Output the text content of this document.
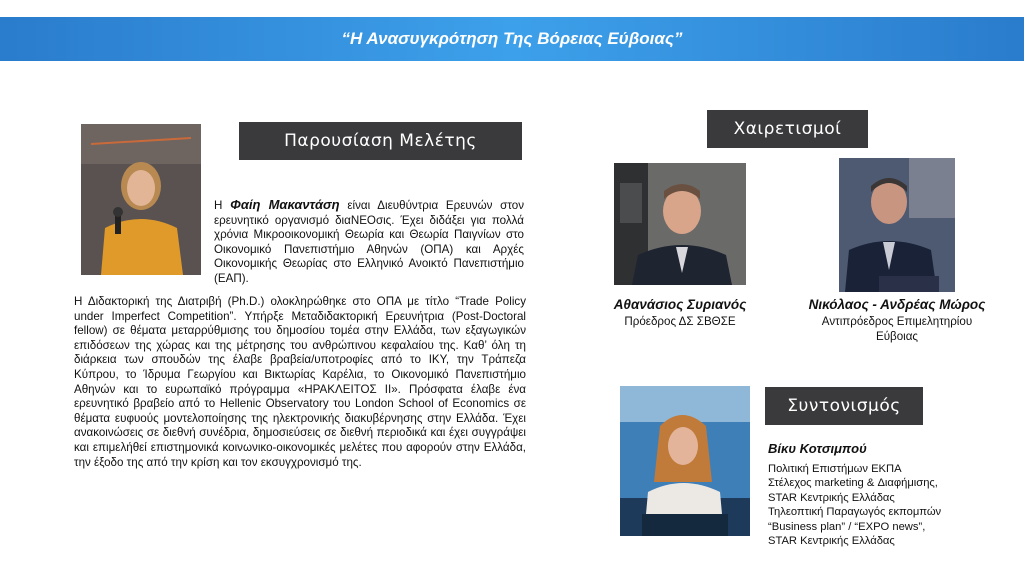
“Η Ανασυγκρότηση Της Βόρειας Εύβοιας”
Παρουσίαση Μελέτης

Η Φαίη Μακαντάση είναι Διευθύντρια Ερευνών στον ερευνητικό οργανισμό διαΝΕΟσις. Έχει διδάξει για πολλά χρόνια Μικροοικονομική Θεωρία και Θεωρία Παιγνίων στο Οικονομικό Πανεπιστήμιο Αθηνών (ΟΠΑ) και Αρχές Οικονομικής Θεωρίας στο Ελληνικό Ανοικτό Πανεπιστήμιο (ΕΑΠ).

Η Διδακτορική της Διατριβή (Ph.D.) ολοκληρώθηκε στο ΟΠΑ με τίτλο “Trade Policy under Imperfect Competition”. Υπήρξε Μεταδιδακτορική Ερευνήτρια (Post-Doctoral fellow) σε θέματα μεταρρύθμισης του δημοσίου τομέα στην Ελλάδα, των εξαγωγικών επιδόσεων της χώρας και της μέτρησης του ανθρώπινου κεφαλαίου της. Καθ’ όλη τη διάρκεια των σπουδών της έλαβε βραβεία/υποτροφίες από το ΙΚΥ, την Τράπεζα Κύπρου, το Ίδρυμα Γεωργίου και Βικτωρίας Καρέλια, το Οικονομικό Πανεπιστήμιο Αθηνών και το ευρωπαϊκό πρόγραμμα «ΗΡΑΚΛΕΙΤΟΣ ΙΙ». Πρόσφατα έλαβε ένα ερευνητικό βραβείο από το Hellenic Observatory του London School of Economics σε θέματα ευφυούς μοντελοποίησης της ηλεκτρονικής διακυβέρνησης στην Ελλάδα. Έχει ανακοινώσεις σε διεθνή συνέδρια, δημοσιεύσεις σε διεθνή περιοδικά και έχει συγγράψει και επιμελήθεί επιστημονικά κοινωνικο-οικονομικές μελέτες που αφορούν στην Ελλάδα, την έξοδο της από την κρίση και τον εκσυγχρονισμό της.

Χαιρετισμοί
Αθανάσιος Συριανός
Πρόεδρος ΔΣ ΣΒΘΣΕ
Νικόλαος - Ανδρέας Μώρος
Αντιπρόεδρος Επιμελητηρίου
Εύβοιας
Συντονισμός
Βίκυ Κοτσιμπού
Πολιτική Επιστήμων ΕΚΠΑ
Στέλεχος marketing & Διαφήμισης,
STAR Κεντρικής Ελλάδας
Τηλεοπτική Παραγωγός εκπομπών
“Business plan” / “EXPO news”,
STAR Κεντρικής Ελλάδας
